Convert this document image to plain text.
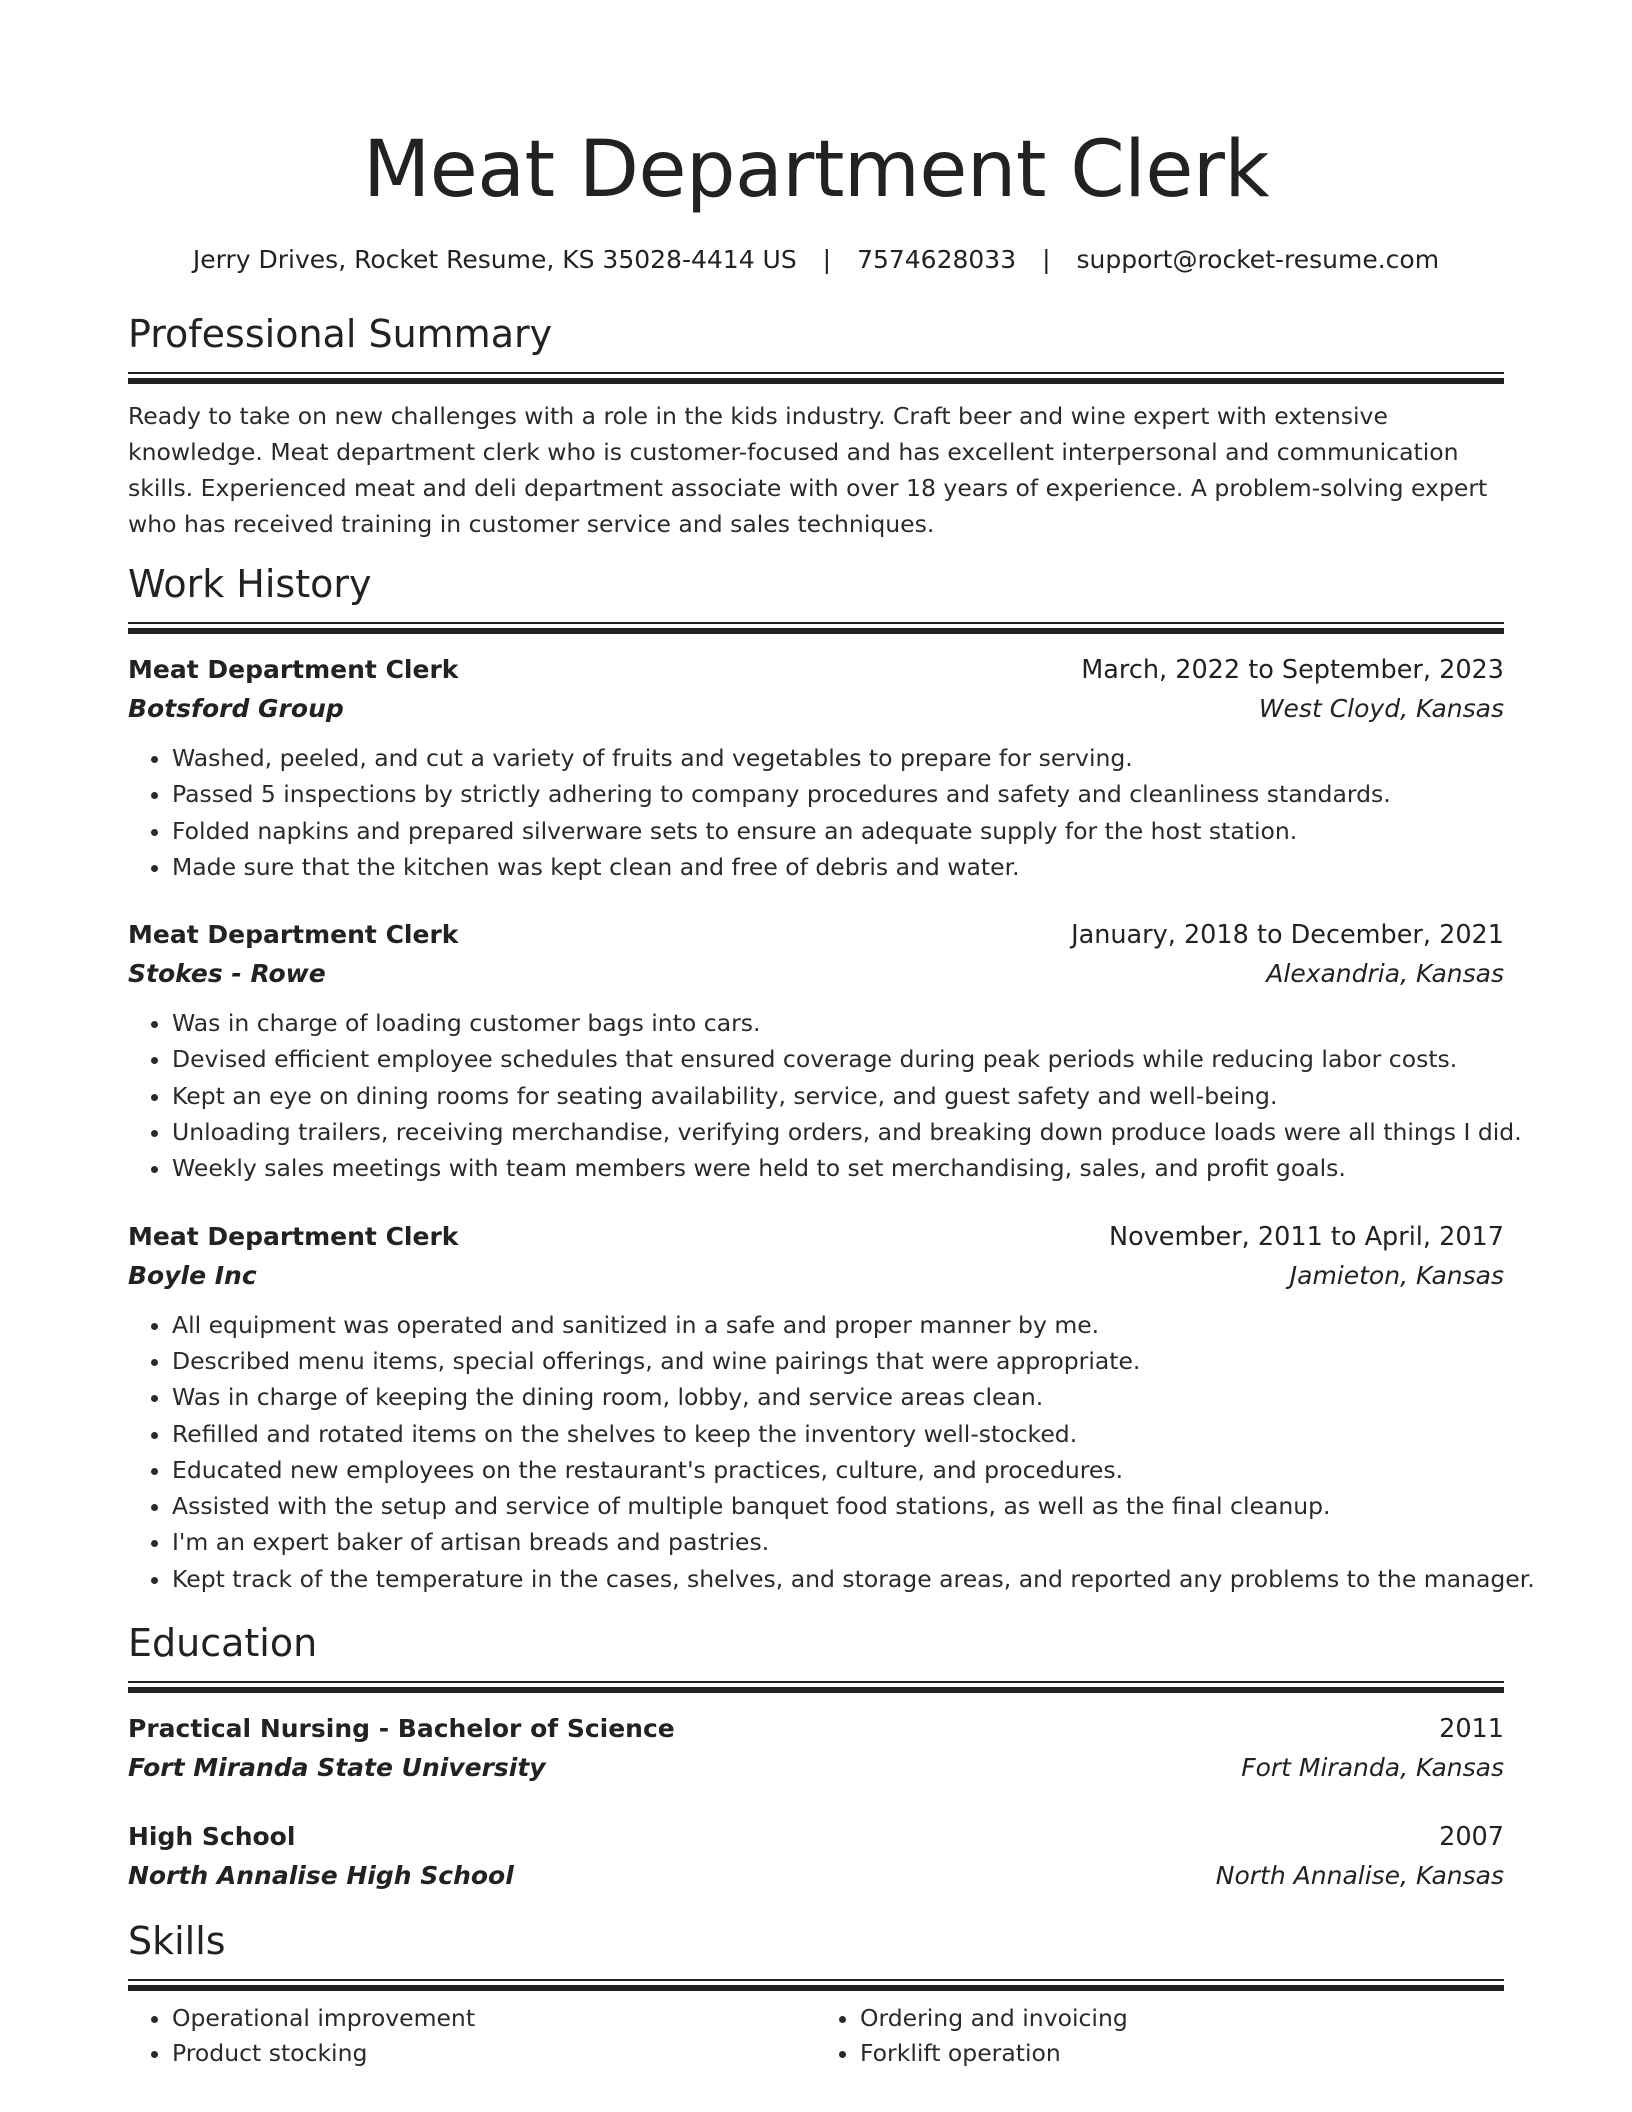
Meat Department Clerk
Jerry Drives, Rocket Resume, KS 35028-4414 US | 7574628033 | support@rocket-resume.com
Professional Summary
Ready to take on new challenges with a role in the kids industry. Craft beer and wine expert with extensive knowledge. Meat department clerk who is customer-focused and has excellent interpersonal and communication skills. Experienced meat and deli department associate with over 18 years of experience. A problem-solving expert who has received training in customer service and sales techniques.
Work History
Meat Department Clerk	March, 2022 to September, 2023
Botsford Group	West Cloyd, Kansas
• Washed, peeled, and cut a variety of fruits and vegetables to prepare for serving.
• Passed 5 inspections by strictly adhering to company procedures and safety and cleanliness standards.
• Folded napkins and prepared silverware sets to ensure an adequate supply for the host station.
• Made sure that the kitchen was kept clean and free of debris and water.
Meat Department Clerk	January, 2018 to December, 2021
Stokes - Rowe	Alexandria, Kansas
• Was in charge of loading customer bags into cars.
• Devised efficient employee schedules that ensured coverage during peak periods while reducing labor costs.
• Kept an eye on dining rooms for seating availability, service, and guest safety and well-being.
• Unloading trailers, receiving merchandise, verifying orders, and breaking down produce loads were all things I did.
• Weekly sales meetings with team members were held to set merchandising, sales, and profit goals.
Meat Department Clerk	November, 2011 to April, 2017
Boyle Inc	Jamieton, Kansas
• All equipment was operated and sanitized in a safe and proper manner by me.
• Described menu items, special offerings, and wine pairings that were appropriate.
• Was in charge of keeping the dining room, lobby, and service areas clean.
• Refilled and rotated items on the shelves to keep the inventory well-stocked.
• Educated new employees on the restaurant's practices, culture, and procedures.
• Assisted with the setup and service of multiple banquet food stations, as well as the final cleanup.
• I'm an expert baker of artisan breads and pastries.
• Kept track of the temperature in the cases, shelves, and storage areas, and reported any problems to the manager.
Education
Practical Nursing - Bachelor of Science	2011
Fort Miranda State University	Fort Miranda, Kansas
High School	2007
North Annalise High School	North Annalise, Kansas
Skills
• Operational improvement
• Product stocking
• Ordering and invoicing
• Forklift operation
